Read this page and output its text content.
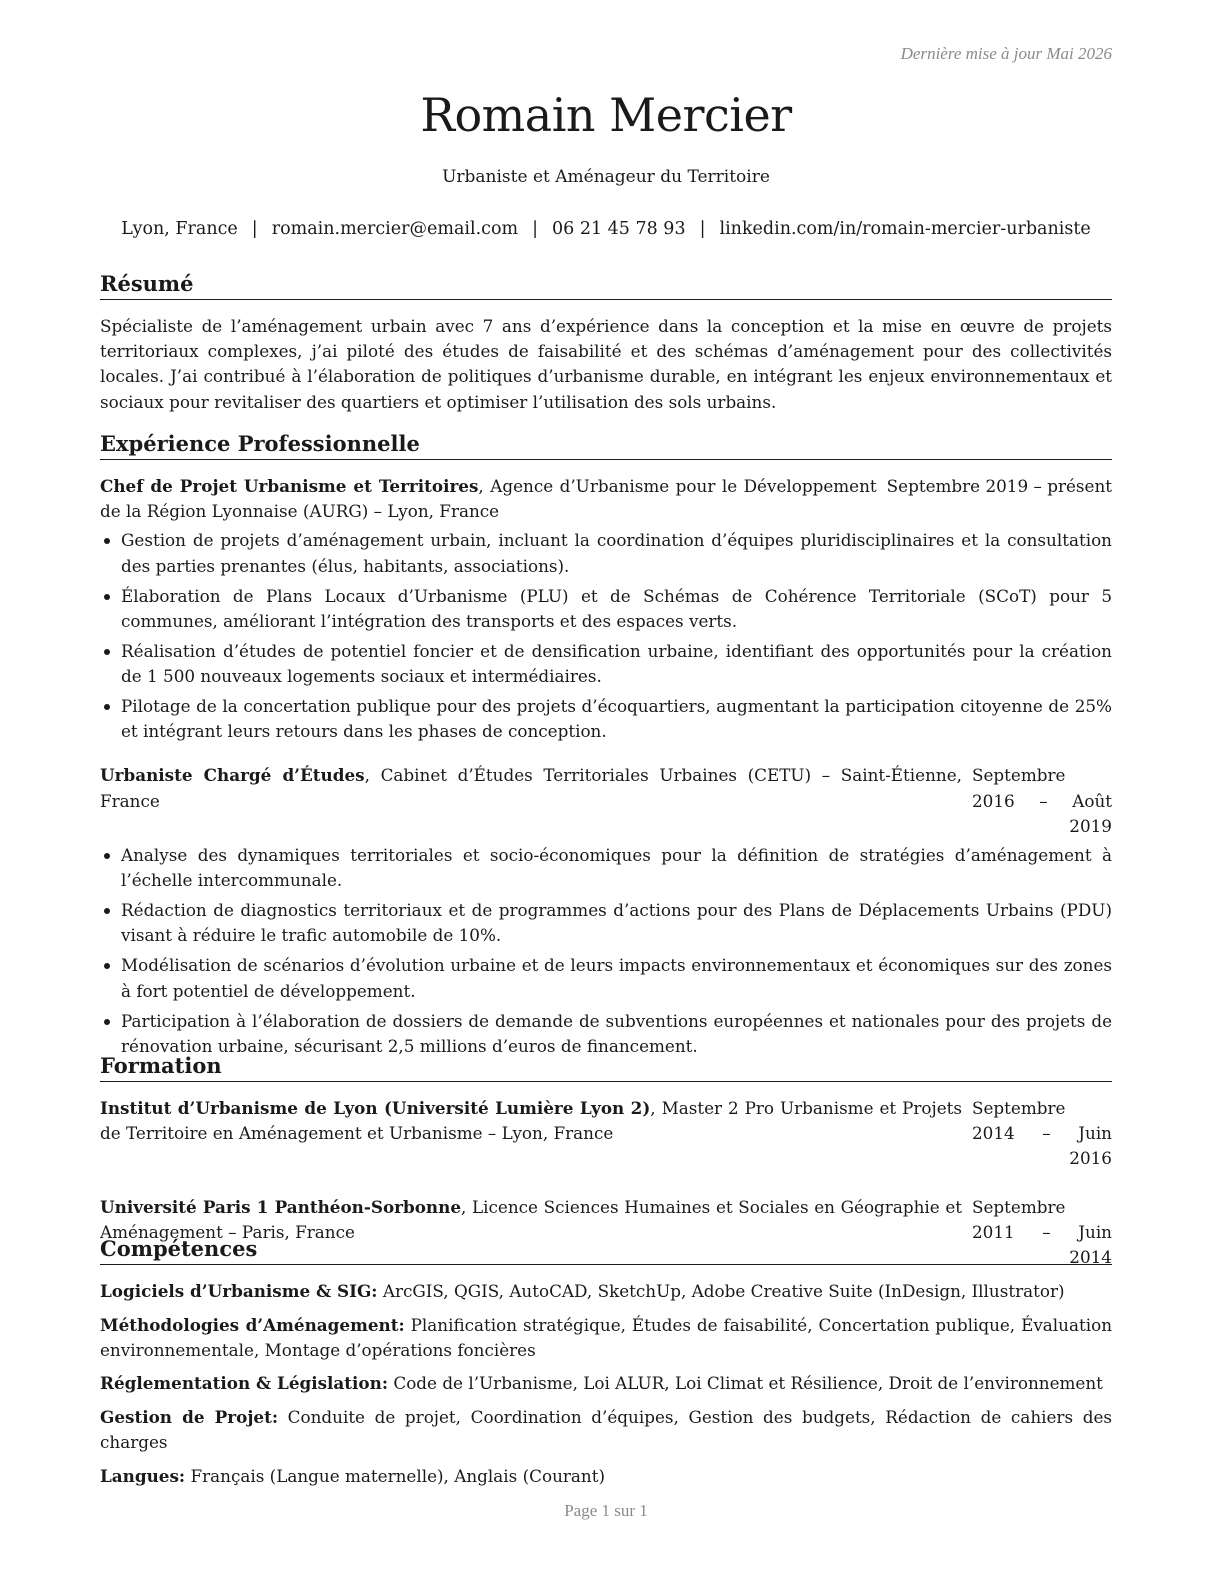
Dernière mise à jour Mai 2026
Romain Mercier
Urbaniste et Aménageur du Territoire
Lyon, France | romain.mercier@email.com | 06 21 45 78 93 | linkedin.com/in/romain-mercier-urbaniste
Résumé
Spécialiste de l’aménagement urbain avec 7 ans d’expérience dans la conception et la mise en œuvre de projets territoriaux complexes, j’ai piloté des études de faisabilité et des schémas d’aménagement pour des collectivités locales. J’ai contribué à l’élaboration de politiques d’urbanisme durable, en intégrant les enjeux environnementaux et sociaux pour revitaliser des quartiers et optimiser l’utilisation des sols urbains.
Expérience Professionnelle
Chef de Projet Urbanisme et Territoires, Agence d’Urbanisme pour le Développement de la Région Lyonnaise (AURG) – Lyon, France
Septembre 2019 – présent
Gestion de projets d’aménagement urbain, incluant la coordination d’équipes pluridisciplinaires et la consultation des parties prenantes (élus, habitants, associations).
Élaboration de Plans Locaux d’Urbanisme (PLU) et de Schémas de Cohérence Territoriale (SCoT) pour 5 communes, améliorant l’intégration des transports et des espaces verts.
Réalisation d’études de potentiel foncier et de densification urbaine, identifiant des opportunités pour la création de 1 500 nouveaux logements sociaux et intermédiaires.
Pilotage de la concertation publique pour des projets d’écoquartiers, augmentant la participation citoyenne de 25% et intégrant leurs retours dans les phases de conception.
Urbaniste Chargé d’Études, Cabinet d’Études Territoriales Urbaines (CETU) – Saint-Étienne, France
Septembre 2016 – Août 2019
Analyse des dynamiques territoriales et socio-économiques pour la définition de stratégies d’aménagement à l’échelle intercommunale.
Rédaction de diagnostics territoriaux et de programmes d’actions pour des Plans de Déplacements Urbains (PDU) visant à réduire le trafic automobile de 10%.
Modélisation de scénarios d’évolution urbaine et de leurs impacts environnementaux et économiques sur des zones à fort potentiel de développement.
Participation à l’élaboration de dossiers de demande de subventions européennes et nationales pour des projets de rénovation urbaine, sécurisant 2,5 millions d’euros de financement.
Formation
Institut d’Urbanisme de Lyon (Université Lumière Lyon 2), Master 2 Pro Urbanisme et Projets de Territoire en Aménagement et Urbanisme – Lyon, France
Septembre 2014 – Juin 2016
Université Paris 1 Panthéon-Sorbonne, Licence Sciences Humaines et Sociales en Géographie et Aménagement – Paris, France
Septembre 2011 – Juin 2014
Compétences
Logiciels d’Urbanisme & SIG: ArcGIS, QGIS, AutoCAD, SketchUp, Adobe Creative Suite (InDesign, Illustrator)
Méthodologies d’Aménagement: Planification stratégique, Études de faisabilité, Concertation publique, Évaluation environnementale, Montage d’opérations foncières
Réglementation & Législation: Code de l’Urbanisme, Loi ALUR, Loi Climat et Résilience, Droit de l’environnement
Gestion de Projet: Conduite de projet, Coordination d’équipes, Gestion des budgets, Rédaction de cahiers des charges
Langues: Français (Langue maternelle), Anglais (Courant)
Page 1 sur 1
